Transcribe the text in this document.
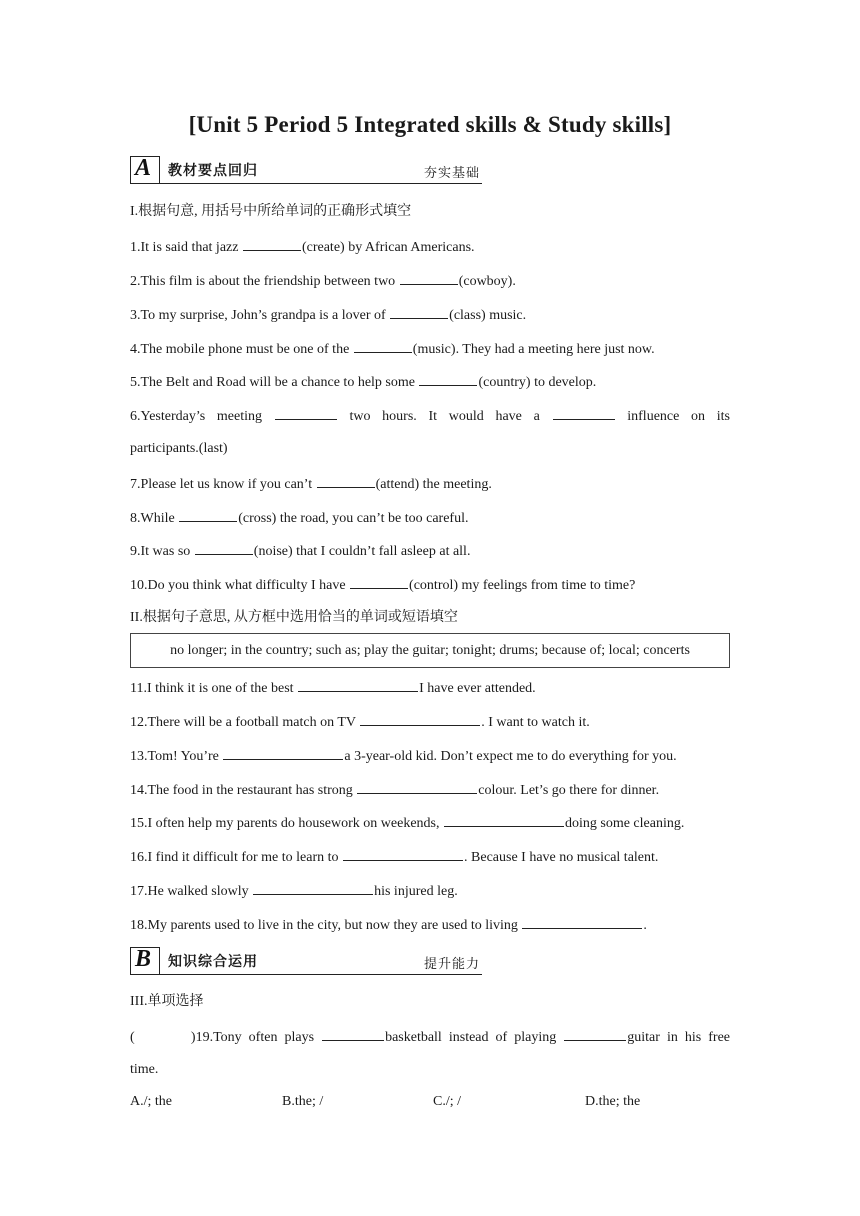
[Unit 5 Period 5 Integrated skills & Study skills]
A 教材要点回归	夯实基础
I.根据句意, 用括号中所给单词的正确形式填空
1.It is said that jazz	(create) by African Americans.
2.This film is about the friendship between two	(cowboy).
3.To my surprise, John’s grandpa is a lover of	(class) music.
4.The mobile phone must be one of the	(music). They had a meeting here just now.
5.The Belt and Road will be a chance to help some	(country) to develop.
6.Yesterday’s meeting	two hours. It would have a	influence on its
participants.(last)
7.Please let us know if you can’t	(attend) the meeting.
8.While	(cross) the road, you can’t be too careful.
9.It was so	(noise) that I couldn’t fall asleep at all.
10.Do you think what difficulty I have	(control) my feelings from time to time?
II.根据句子意思, 从方框中选用恰当的单词或短语填空
no longer; in the country; such as; play the guitar; tonight; drums; because of; local; concerts
11.I think it is one of the best	I have ever attended.
12.There will be a football match on TV	. I want to watch it.
13.Tom! You’re	a 3-year-old kid. Don’t expect me to do everything for you.
14.The food in the restaurant has strong	colour. Let’s go there for dinner.
15.I often help my parents do housework on weekends,	doing some cleaning.
16.I find it difficult for me to learn to	. Because I have no musical talent.
17.He walked slowly	his injured leg.
18.My parents used to live in the city, but now they are used to living	.
B 知识综合运用	提升能力
III.单项选择
(        )19.Tony often plays	basketball instead of playing	guitar in his free
time.
A./; the	B.the; /	C./; /	D.the; the
